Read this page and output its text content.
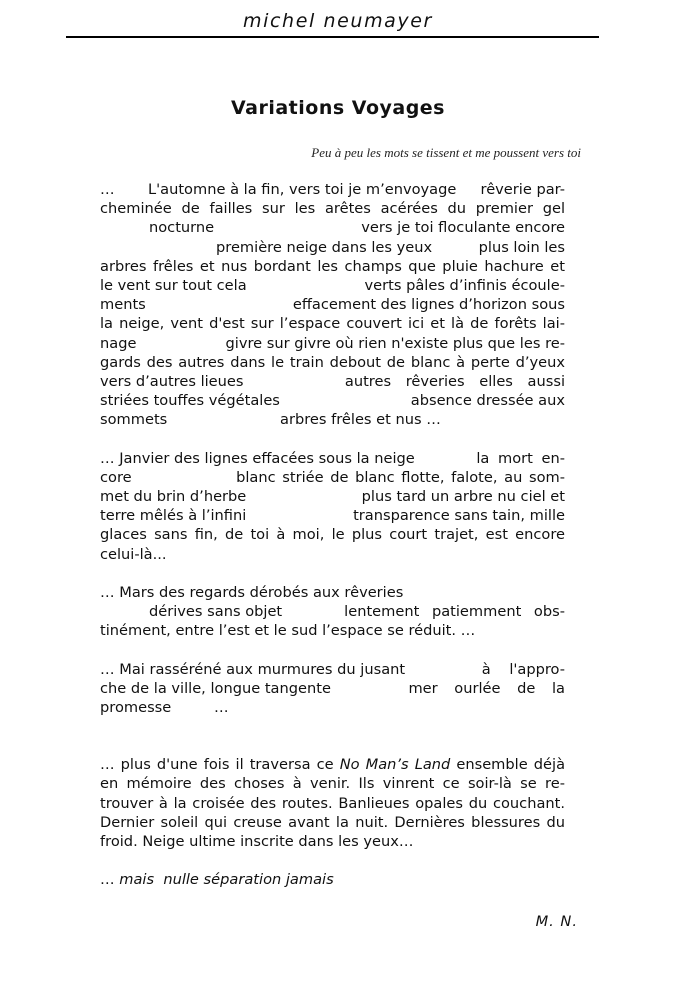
michel neumayer
Variations Voyages
Peu à peu les mots se tissent et me poussent vers toi
… L'automne à la fin, vers toi je m’envoyage rêverie par-
cheminée de failles sur les arêtes acérées du premier gel
nocturne	vers je toi floculante encore
première neige dans les yeux	plus loin les
arbres frêles et nus bordant les champs que pluie hachure et
le vent sur tout cela	verts pâles d’infinis écoule-
ments	effacement des lignes d’horizon sous
la neige, vent d'est sur l’espace couvert ici et là de forêts lai-
nage	givre sur givre où rien n'existe plus que les re-
gards des autres dans le train debout de blanc à perte d’yeux
vers d’autres lieues	autres rêveries elles aussi
striées touffes végétales	absence dressée aux
sommets	arbres frêles et nus …
… Janvier des lignes effacées sous la neige	la mort en-
core	blanc striée de blanc flotte, falote, au som-
met du brin d’herbe	plus tard un arbre nu ciel et
terre mêlés à l’infini	transparence sans tain, mille
glaces sans fin, de toi à moi, le plus court trajet, est encore
celui-là...
… Mars des regards dérobés aux rêveries
dérives sans objet	lentement patiemment obs-
tinément, entre l’est et le sud l’espace se réduit. …
… Mai rasséréné aux murmures du jusant	à l'appro-
che de la ville, longue tangente	mer ourlée de la
promesse	…
… plus d'une fois il traversa ce No Man’s Land ensemble déjà
en mémoire des choses à venir. Ils vinrent ce soir-là se re-
trouver à la croisée des routes. Banlieues opales du couchant.
Dernier soleil qui creuse avant la nuit. Dernières blessures du
froid. Neige ultime inscrite dans les yeux…
… mais  nulle séparation jamais
M. N.
